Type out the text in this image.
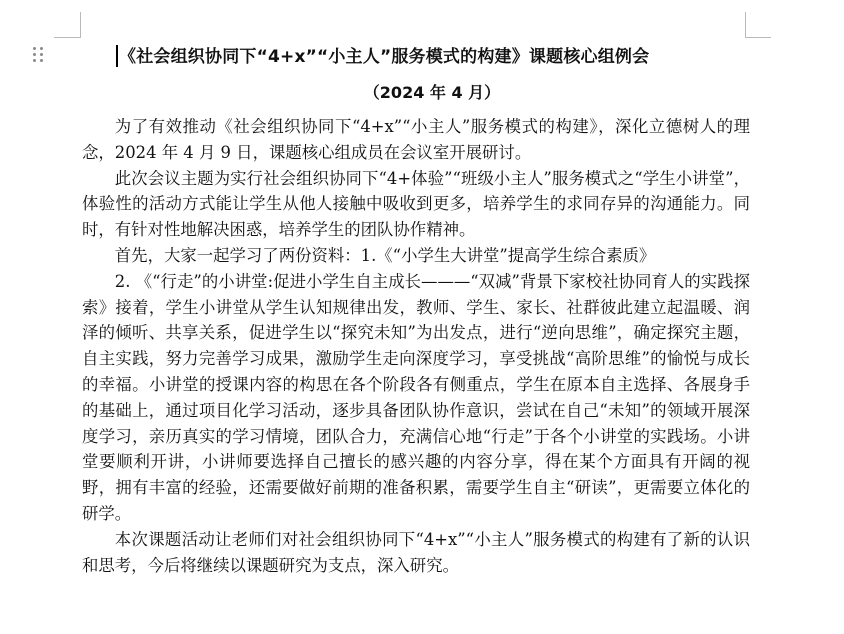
《社会组织协同下“4+x”“小主人”服务模式的构建》课题核心组例会
（2024 年 4 月）

为了有效推动《社会组织协同下“4+x”“小主人”服务模式的构建》，深化立德树人的理念，2024 年 4 月 9 日，课题核心组成员在会议室开展研讨。

此次会议主题为实行社会组织协同下“4+体验”“班级小主人”服务模式之“学生小讲堂”，体验性的活动方式能让学生从他人接触中吸收到更多，培养学生的求同存异的沟通能力。同时，有针对性地解决困惑，培养学生的团队协作精神。

首先，大家一起学习了两份资料：1.《“小学生大讲堂”提高学生综合素质》

2. 《“行走”的小讲堂:促进小学生自主成长———“双减”背景下家校社协同育人的实践探索》接着，学生小讲堂从学生认知规律出发，教师、学生、家长、社群彼此建立起温暖、润泽的倾听、共享关系，促进学生以“探究未知”为出发点，进行“逆向思维”，确定探究主题，自主实践，努力完善学习成果，激励学生走向深度学习，享受挑战“高阶思维”的愉悦与成长的幸福。小讲堂的授课内容的构思在各个阶段各有侧重点，学生在原本自主选择、各展身手的基础上，通过项目化学习活动，逐步具备团队协作意识，尝试在自己“未知”的领域开展深度学习，亲历真实的学习情境，团队合力，充满信心地“行走”于各个小讲堂的实践场。小讲堂要顺利开讲，小讲师要选择自己擅长的感兴趣的内容分享，得在某个方面具有开阔的视野，拥有丰富的经验，还需要做好前期的准备积累，需要学生自主“研读”，更需要立体化的研学。

本次课题活动让老师们对社会组织协同下“4+x”“小主人”服务模式的构建有了新的认识和思考，今后将继续以课题研究为支点，深入研究。
